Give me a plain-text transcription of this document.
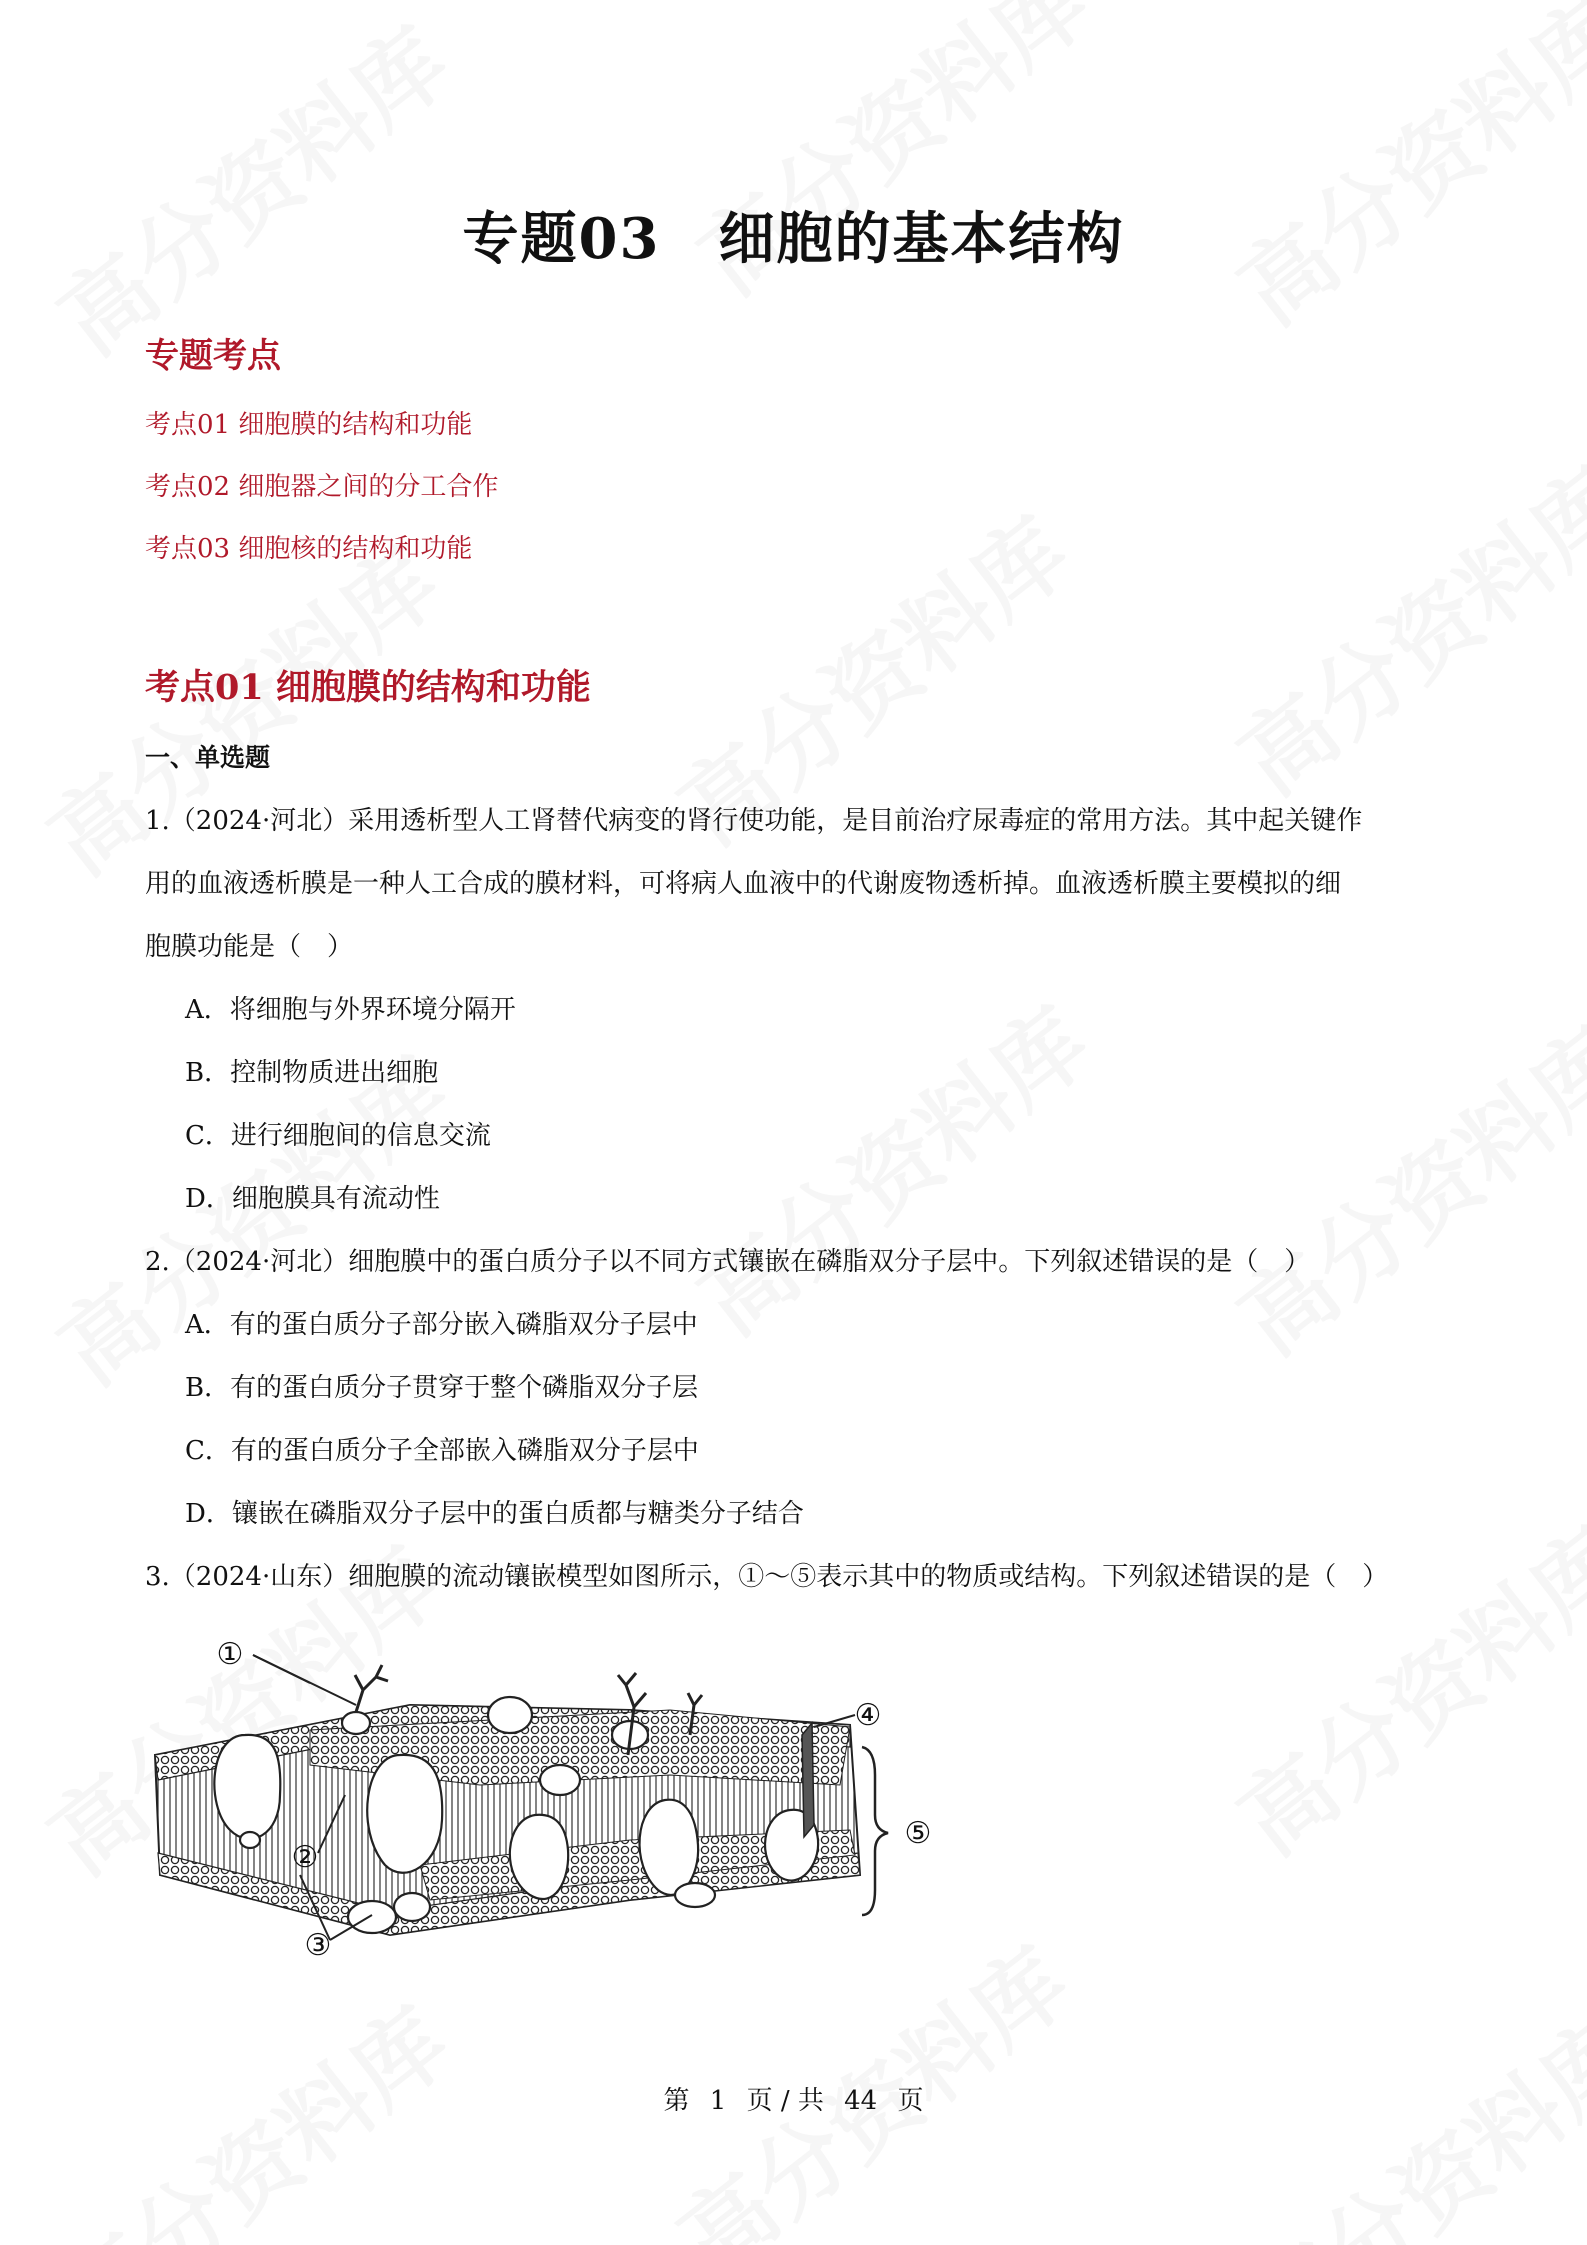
专题03　细胞的基本结构
专题考点
考点01 细胞膜的结构和功能
考点02 细胞器之间的分工合作
考点03 细胞核的结构和功能
考点01 细胞膜的结构和功能
一、单选题
1.（2024·河北）采用透析型人工肾替代病变的肾行使功能，是目前治疗尿毒症的常用方法。其中起关键作
用的血液透析膜是一种人工合成的膜材料，可将病人血液中的代谢废物透析掉。血液透析膜主要模拟的细
胞膜功能是（　）
A．将细胞与外界环境分隔开
B．控制物质进出细胞
C．进行细胞间的信息交流
D．细胞膜具有流动性
2.（2024·河北）细胞膜中的蛋白质分子以不同方式镶嵌在磷脂双分子层中。下列叙述错误的是（　）
A．有的蛋白质分子部分嵌入磷脂双分子层中
B．有的蛋白质分子贯穿于整个磷脂双分子层
C．有的蛋白质分子全部嵌入磷脂双分子层中
D．镶嵌在磷脂双分子层中的蛋白质都与糖类分子结合
3.（2024·山东）细胞膜的流动镶嵌模型如图所示，①～⑤表示其中的物质或结构。下列叙述错误的是（　）
①
②
③
④
⑤
第 1 页 / 共 44 页
